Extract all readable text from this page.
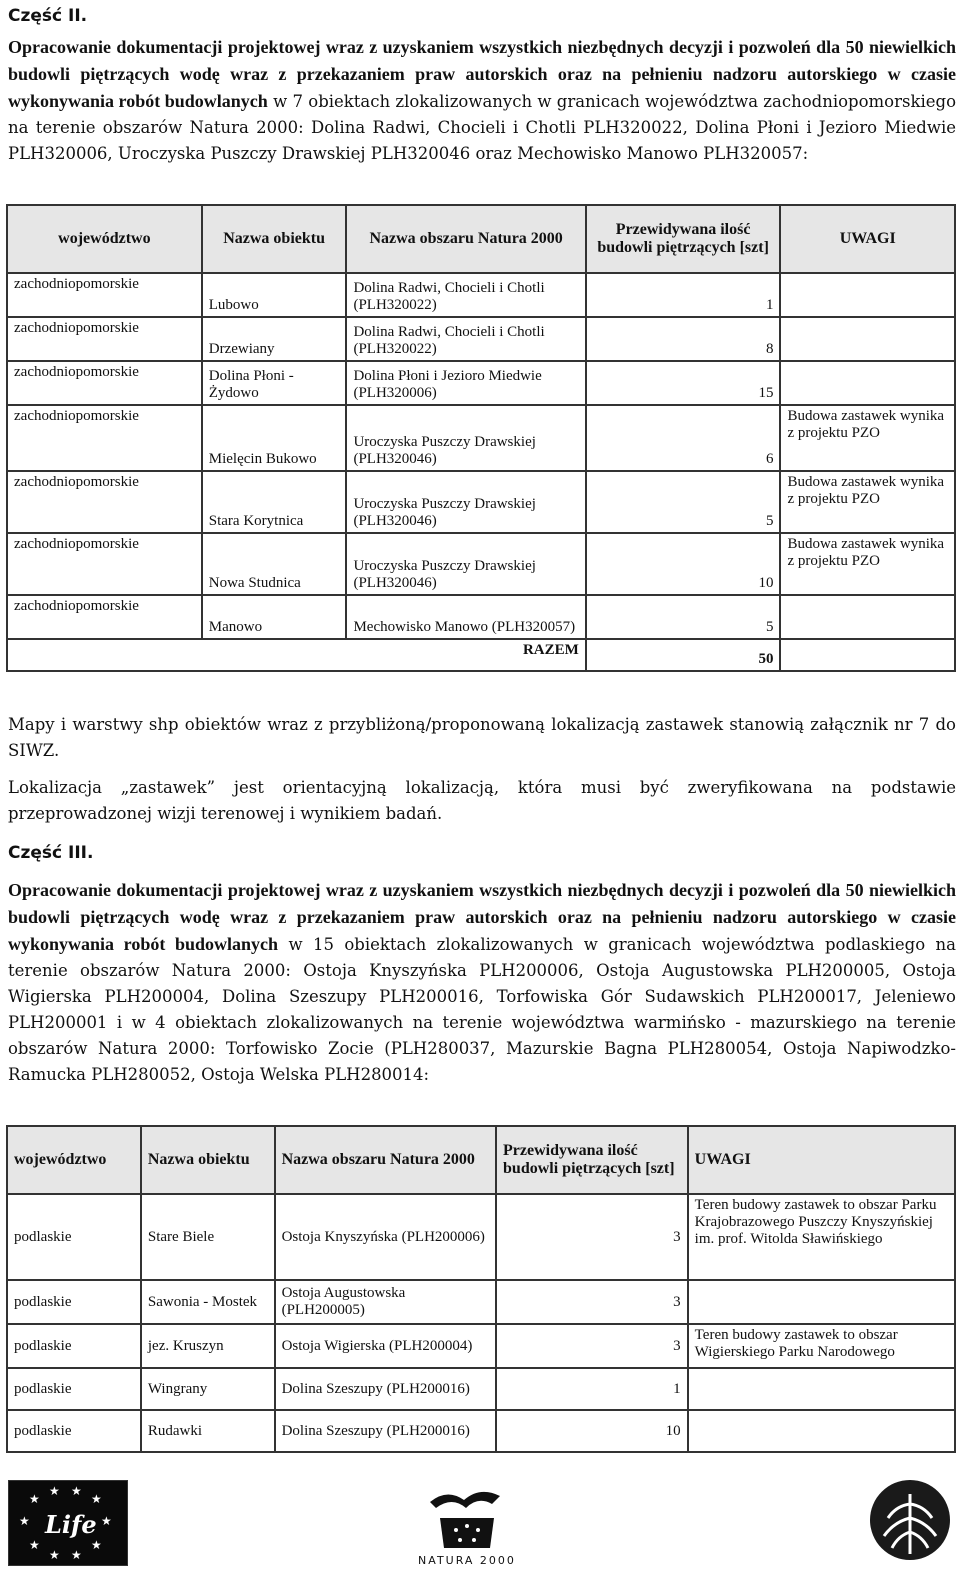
Część II.
Opracowanie dokumentacji projektowej wraz z uzyskaniem wszystkich niezbędnych decyzji i pozwoleń dla 50 niewielkich budowli piętrzących wodę wraz z przekazaniem praw autorskich oraz na pełnieniu nadzoru autorskiego w czasie wykonywania robót budowlanych w 7 obiektach zlokalizowanych w granicach województwa zachodniopomorskiego na terenie obszarów Natura 2000: Dolina Radwi, Chocieli i Chotli PLH320022, Dolina Płoni i Jezioro Miedwie PLH320006, Uroczyska Puszczy Drawskiej PLH320046 oraz Mechowisko Manowo PLH320057:
województwo	Nazwa obiektu	Nazwa obszaru Natura 2000	Przewidywana ilość budowli piętrzących [szt]	UWAGI
zachodniopomorskie	Lubowo	Dolina Radwi, Chocieli i Chotli (PLH320022)	1	
zachodniopomorskie	Drzewiany	Dolina Radwi, Chocieli i Chotli (PLH320022)	8	
zachodniopomorskie	Dolina Płoni - Żydowo	Dolina Płoni i Jezioro Miedwie (PLH320006)	15	
zachodniopomorskie	Mielęcin Bukowo	Uroczyska Puszczy Drawskiej (PLH320046)	6	Budowa zastawek wynika z projektu PZO
zachodniopomorskie	Stara Korytnica	Uroczyska Puszczy Drawskiej (PLH320046)	5	Budowa zastawek wynika z projektu PZO
zachodniopomorskie	Nowa Studnica	Uroczyska Puszczy Drawskiej (PLH320046)	10	Budowa zastawek wynika z projektu PZO
zachodniopomorskie	Manowo	Mechowisko Manowo (PLH320057)	5	
RAZEM			50	
Mapy i warstwy shp obiektów wraz z przybliżoną/proponowaną lokalizacją zastawek stanowią załącznik nr 7 do SIWZ.
Lokalizacja „zastawek” jest orientacyjną lokalizacją, która musi być zweryfikowana na podstawie przeprowadzonej wizji terenowej i wynikiem badań.
Część III.
Opracowanie dokumentacji projektowej wraz z uzyskaniem wszystkich niezbędnych decyzji i pozwoleń dla 50 niewielkich budowli piętrzących wodę wraz z przekazaniem praw autorskich oraz na pełnieniu nadzoru autorskiego w czasie wykonywania robót budowlanych w 15 obiektach zlokalizowanych w granicach województwa podlaskiego na terenie obszarów Natura 2000: Ostoja Knyszyńska PLH200006, Ostoja Augustowska PLH200005, Ostoja Wigierska PLH200004, Dolina Szeszupy PLH200016, Torfowiska Gór Sudawskich PLH200017, Jeleniewo PLH200001 i w 4 obiektach zlokalizowanych na terenie województwa warmińsko - mazurskiego na terenie obszarów Natura 2000: Torfowisko Zocie (PLH280037, Mazurskie Bagna PLH280054, Ostoja Napiwodzko-Ramucka PLH280052, Ostoja Welska PLH280014:
województwo	Nazwa obiektu	Nazwa obszaru Natura 2000	Przewidywana ilość budowli piętrzących [szt]	UWAGI
podlaskie	Stare Biele	Ostoja Knyszyńska (PLH200006)	3	Teren budowy zastawek to obszar Parku Krajobrazowego Puszczy Knyszyńskiej im. prof. Witolda Sławińskiego
podlaskie	Sawonia - Mostek	Ostoja Augustowska (PLH200005)	3	
podlaskie	jez. Kruszyn	Ostoja Wigierska (PLH200004)	3	Teren budowy zastawek to obszar Wigierskiego Parku Narodowego
podlaskie	Wingrany	Dolina Szeszupy (PLH200016)	1	
podlaskie	Rudawki	Dolina Szeszupy (PLH200016)	10	
★
★ ★
★
★	★
★	★
★ ★
Life
NATURA 2000
